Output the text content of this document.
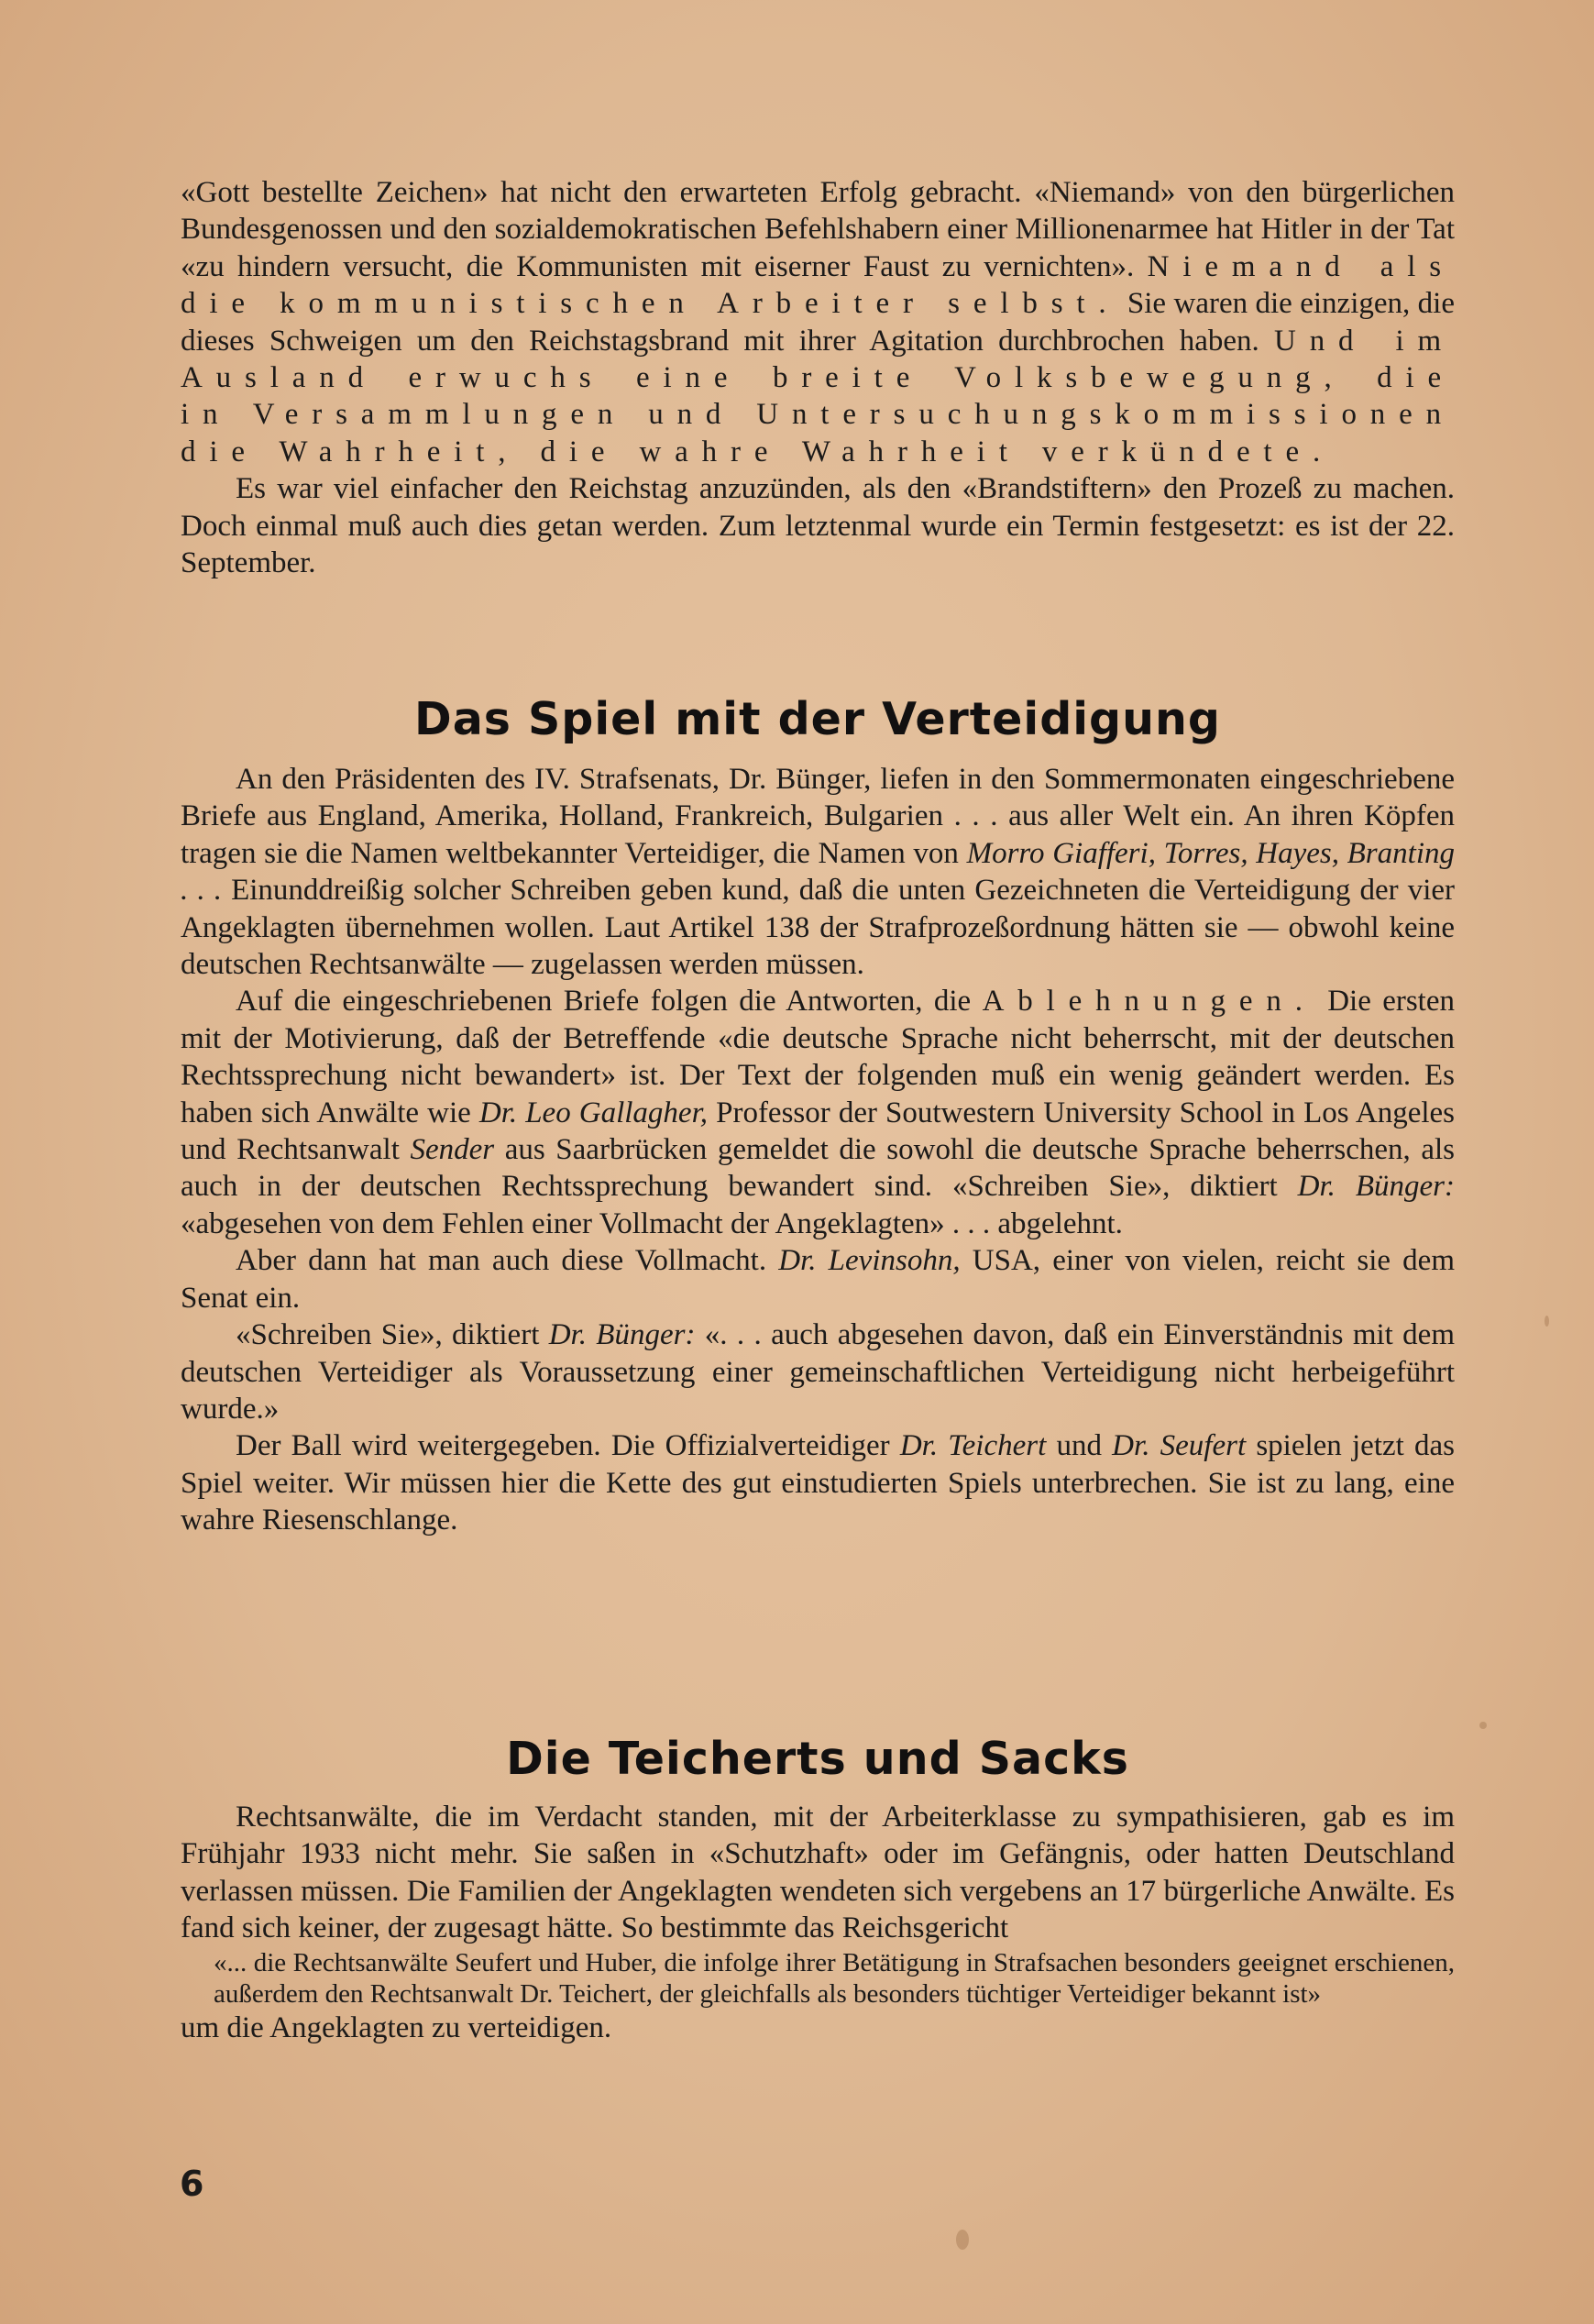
«Gott bestellte Zeichen» hat nicht den erwarteten Erfolg gebracht. «Niemand» von den bürgerlichen Bundesgenossen und den sozialdemokratischen Befehlshabern einer Millionenarmee hat Hitler in der Tat «zu hindern versucht, die Kommunisten mit eiserner Faust zu vernichten». Niemand als die kommunistischen Arbeiter selbst. Sie waren die einzigen, die dieses Schweigen um den Reichstagsbrand mit ihrer Agitation durchbrochen haben. Und im Ausland erwuchs eine breite Volksbewegung, die in Versammlungen und Untersuchungskommissionen die Wahrheit, die wahre Wahrheit verkündete.

Es war viel einfacher den Reichstag anzuzünden, als den «Brandstiftern» den Prozeß zu machen. Doch einmal muß auch dies getan werden. Zum letztenmal wurde ein Termin festgesetzt: es ist der 22. September.

Das Spiel mit der Verteidigung

An den Präsidenten des IV. Strafsenats, Dr. Bünger, liefen in den Sommermonaten eingeschriebene Briefe aus England, Amerika, Holland, Frankreich, Bulgarien . . . aus aller Welt ein. An ihren Köpfen tragen sie die Namen weltbekannter Verteidiger, die Namen von Morro Giafferi, Torres, Hayes, Branting . . . Einunddreißig solcher Schreiben geben kund, daß die unten Gezeichneten die Verteidigung der vier Angeklagten übernehmen wollen. Laut Artikel 138 der Strafprozeßordnung hätten sie — obwohl keine deutschen Rechtsanwälte — zugelassen werden müssen.

Auf die eingeschriebenen Briefe folgen die Antworten, die Ablehnungen. Die ersten mit der Motivierung, daß der Betreffende «die deutsche Sprache nicht beherrscht, mit der deutschen Rechtssprechung nicht bewandert» ist. Der Text der folgenden muß ein wenig geändert werden. Es haben sich Anwälte wie Dr. Leo Gallagher, Professor der Soutwestern University School in Los Angeles und Rechtsanwalt Sender aus Saarbrücken gemeldet die sowohl die deutsche Sprache beherrschen, als auch in der deutschen Rechtssprechung bewandert sind. «Schreiben Sie», diktiert Dr. Bünger: «abgesehen von dem Fehlen einer Vollmacht der Angeklagten» . . . abgelehnt.

Aber dann hat man auch diese Vollmacht. Dr. Levinsohn, USA, einer von vielen, reicht sie dem Senat ein.

«Schreiben Sie», diktiert Dr. Bünger: «. . . auch abgesehen davon, daß ein Einverständnis mit dem deutschen Verteidiger als Voraussetzung einer gemeinschaftlichen Verteidigung nicht herbeigeführt wurde.»

Der Ball wird weitergegeben. Die Offizialverteidiger Dr. Teichert und Dr. Seufert spielen jetzt das Spiel weiter. Wir müssen hier die Kette des gut einstudierten Spiels unterbrechen. Sie ist zu lang, eine wahre Riesenschlange.

Die Teicherts und Sacks

Rechtsanwälte, die im Verdacht standen, mit der Arbeiterklasse zu sympathisieren, gab es im Frühjahr 1933 nicht mehr. Sie saßen in «Schutzhaft» oder im Gefängnis, oder hatten Deutschland verlassen müssen. Die Familien der Angeklagten wendeten sich vergebens an 17 bürgerliche Anwälte. Es fand sich keiner, der zugesagt hätte. So bestimmte das Reichsgericht

«... die Rechtsanwälte Seufert und Huber, die infolge ihrer Betätigung in Strafsachen besonders geeignet erschienen, außerdem den Rechtsanwalt Dr. Teichert, der gleichfalls als besonders tüchtiger Verteidiger bekannt ist»

um die Angeklagten zu verteidigen.

6
